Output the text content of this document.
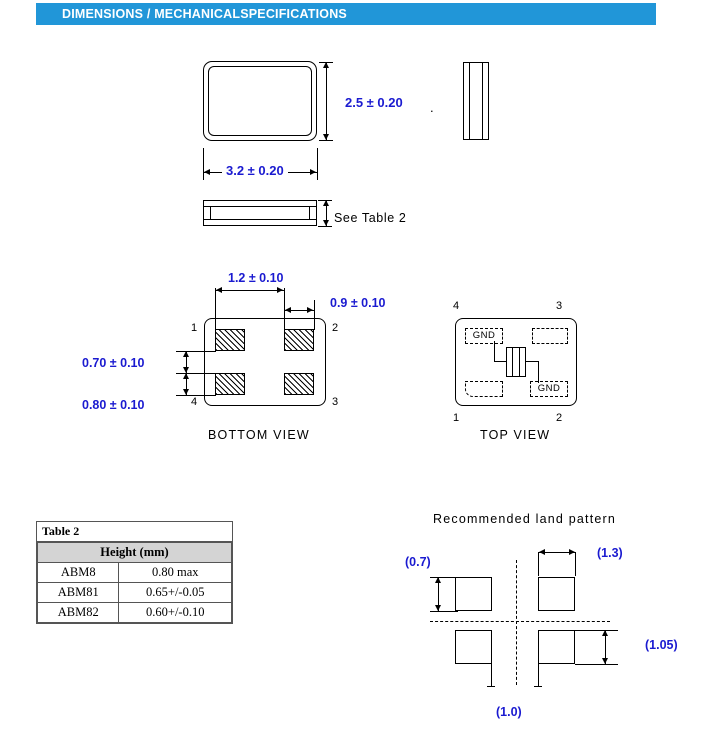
DIMENSIONS / MECHANICALSPECIFICATIONS
2.5 ± 0.20 .
3.2 ± 0.20
See Table 2
1	2
3
4
1.2 ± 0.10
0.9 ± 0.10
0.70 ± 0.10
0.80 ± 0.10
BOTTOM VIEW
GND
GND
4	3
1	2
TOP VIEW
Table 2
Height (mm)	
ABM8	0.80 max
ABM81	0.65+/-0.05
ABM82	0.60+/-0.10
Recommended land pattern
(1.3)
(0.7)
(1.05)
(1.0)
